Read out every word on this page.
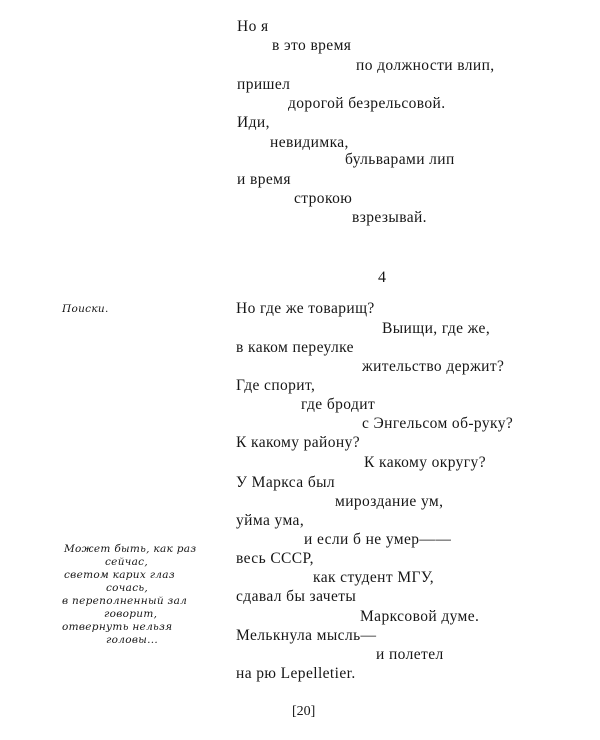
Но я
в это время
по должности влип,
пришел
дорогой безрельсовой.
Иди,
невидимка,
бульварами лип
и время
строкою
взрезывай.
4
Поиски.	Но где же товарищ?
Выищи, где же,
в каком переулке
жительство держит?
Где спорит,
где бродит
с Энгельсом об-руку?
К какому району?
К какому округу?
У Маркса был
мироздание ум,
уйма ума,
и если б не умер——
весь СССР,
как студент МГУ,
сдавал бы зачеты
Марксовой думе.
Мелькнула мысль—
и полетел
на рю Lepelletier.
Может быть, как раз
сейчас,
светом карих глаз
сочась,
в переполненный зал
говорит,
отвернуть нельзя
головы...
[20]
